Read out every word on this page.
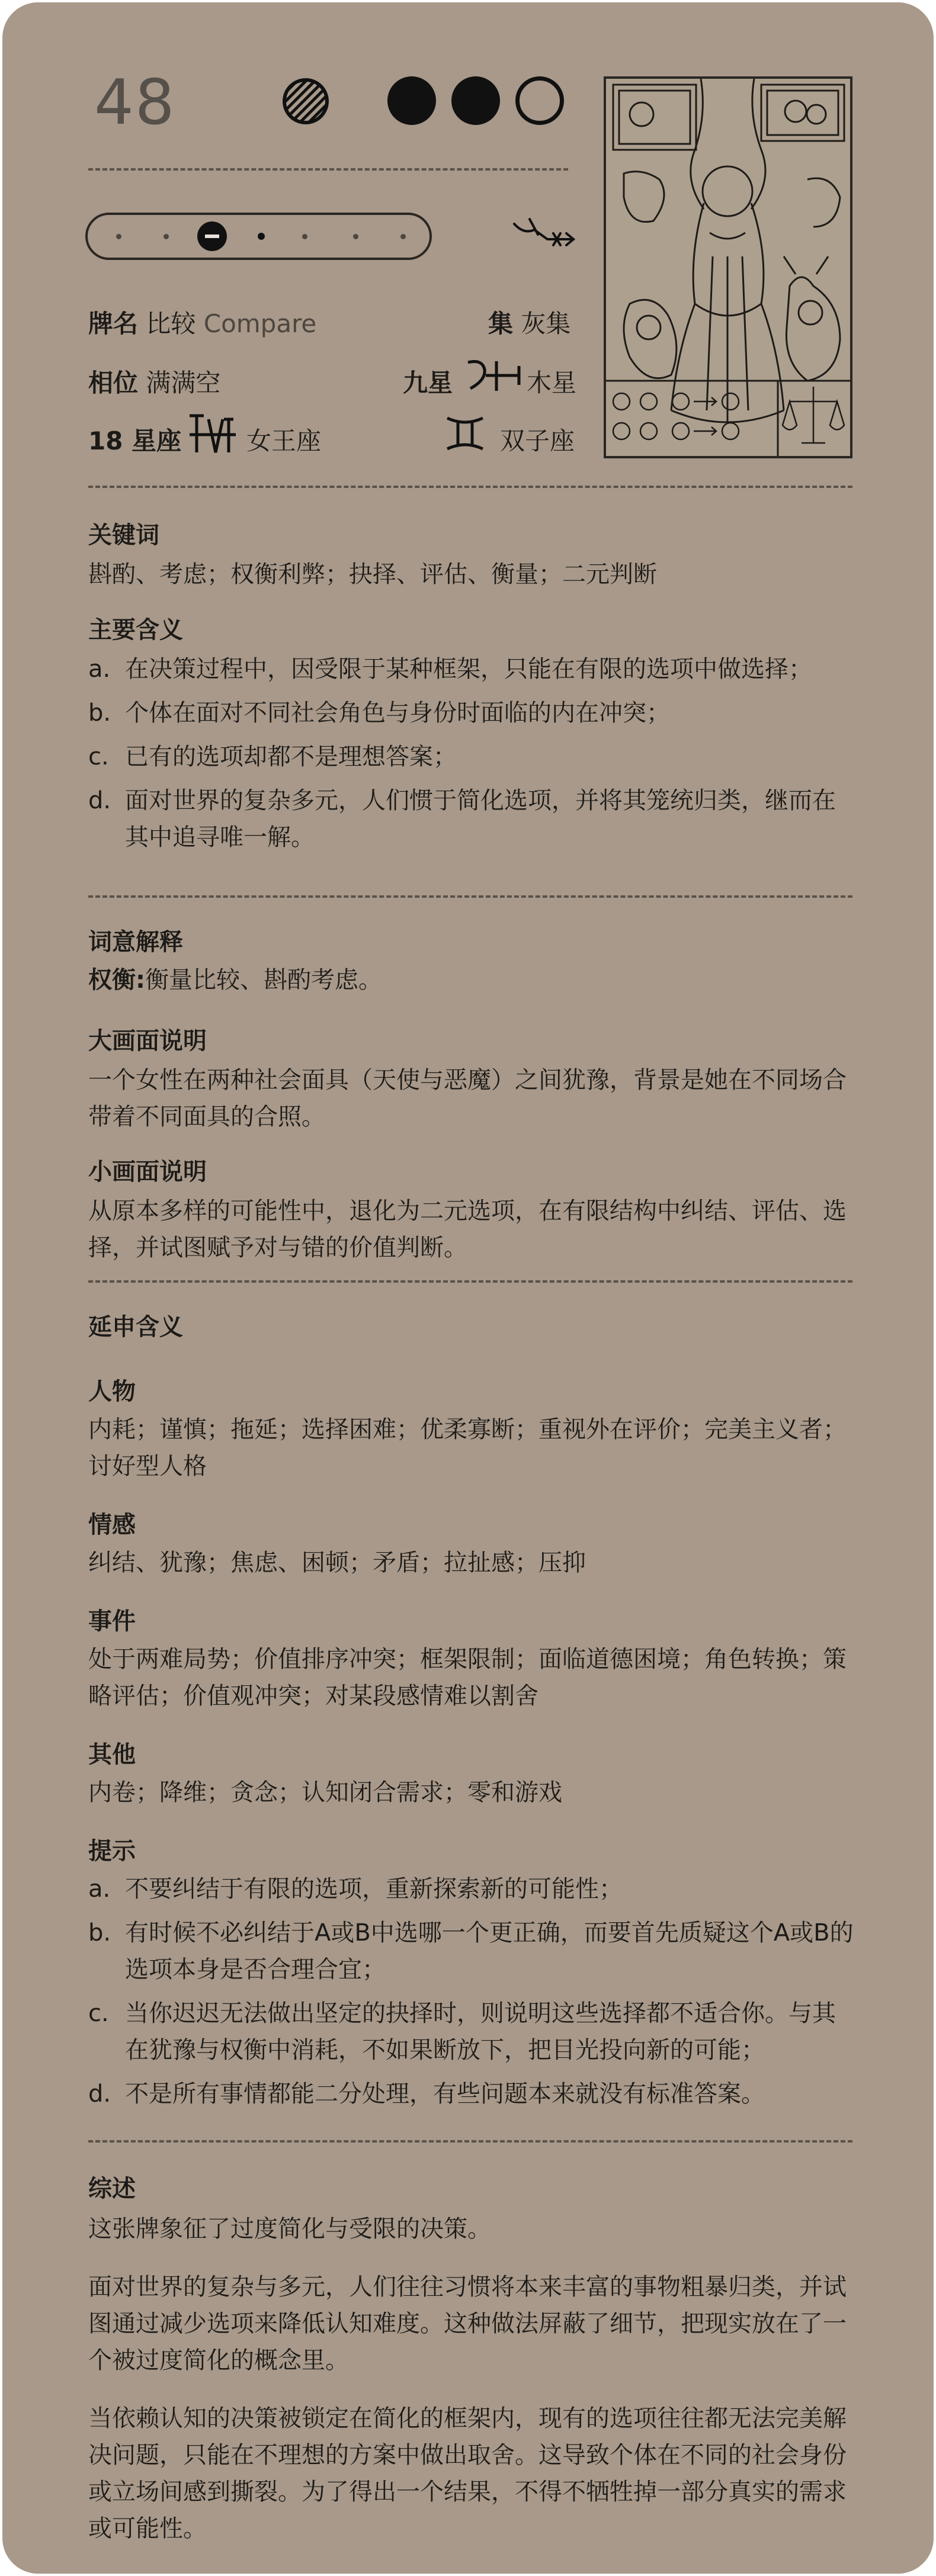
48
牌名 比较 Compare	集 灰集
相位 满满空	九星	木星
18 星座	女王座	双子座

关键词

斟酌、考虑；权衡利弊；抉择、评估、衡量；二元判断

主要含义

a. 在决策过程中，因受限于某种框架，只能在有限的选项中做选择；
b. 个体在面对不同社会角色与身份时面临的内在冲突；
c. 已有的选项却都不是理想答案；
d. 面对世界的复杂多元，人们惯于简化选项，并将其笼统归类，继而在其中追寻唯一解。

词意解释

权衡:衡量比较、斟酌考虑。

大画面说明

一个女性在两种社会面具（天使与恶魔）之间犹豫，背景是她在不同场合带着不同面具的合照。

小画面说明

从原本多样的可能性中，退化为二元选项，在有限结构中纠结、评估、选择，并试图赋予对与错的价值判断。

延申含义

人物

内耗；谨慎；拖延；选择困难；优柔寡断；重视外在评价；完美主义者；讨好型人格

情感

纠结、犹豫；焦虑、困顿；矛盾；拉扯感；压抑

事件

处于两难局势；价值排序冲突；框架限制；面临道德困境；角色转换；策略评估；价值观冲突；对某段感情难以割舍

其他

内卷；降维；贪念；认知闭合需求；零和游戏

提示

a. 不要纠结于有限的选项，重新探索新的可能性；
b. 有时候不必纠结于A或B中选哪一个更正确，而要首先质疑这个A或B的选项本身是否合理合宜；
c. 当你迟迟无法做出坚定的抉择时，则说明这些选择都不适合你。与其在犹豫与权衡中消耗，不如果断放下，把目光投向新的可能；
d. 不是所有事情都能二分处理，有些问题本来就没有标准答案。

综述

这张牌象征了过度简化与受限的决策。

面对世界的复杂与多元，人们往往习惯将本来丰富的事物粗暴归类，并试图通过减少选项来降低认知难度。这种做法屏蔽了细节，把现实放在了一个被过度简化的概念里。

当依赖认知的决策被锁定在简化的框架内，现有的选项往往都无法完美解决问题，只能在不理想的方案中做出取舍。这导致个体在不同的社会身份或立场间感到撕裂。为了得出一个结果，不得不牺牲掉一部分真实的需求或可能性。
